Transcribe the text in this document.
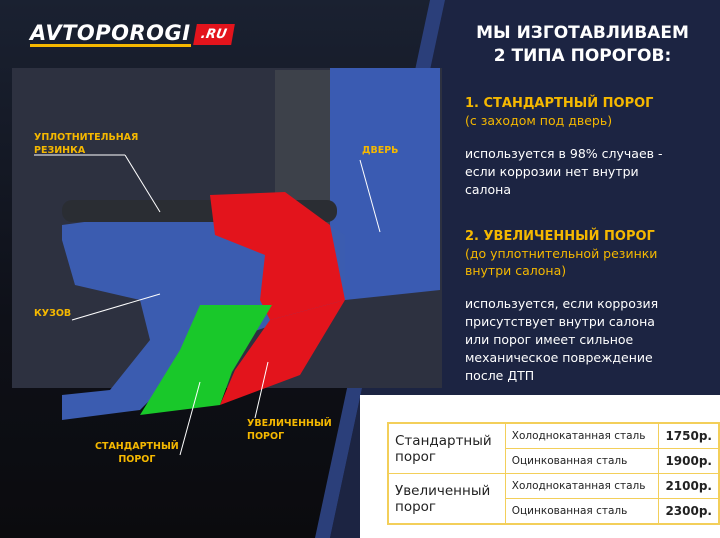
AVTOPOROGI .RU
УПЛОТНИТЕЛЬНАЯ
РЕЗИНКА	ДВЕРЬ
КУЗОВ
СТАНДАРТНЫЙ
ПОРОГ
УВЕЛИЧЕННЫЙ
ПОРОГ
МЫ ИЗГОТАВЛИВАЕМ
2 ТИПА ПОРОГОВ:
1. СТАНДАРТНЫЙ ПОРОГ
(с заходом под дверь)
используется в 98% случаев -
если коррозии нет внутри
салона
2. УВЕЛИЧЕННЫЙ ПОРОГ
(до уплотнительной резинки
внутри салона)
используется, если коррозия
присутствует внутри салона
или порог имеет сильное
механическое повреждение
после ДТП
Стандартный порог	Холоднокатанная сталь	1750р.
	Оцинкованная сталь	1900р.
Увеличенный порог	Холоднокатанная сталь	2100р.
	Оцинкованная сталь	2300р.
